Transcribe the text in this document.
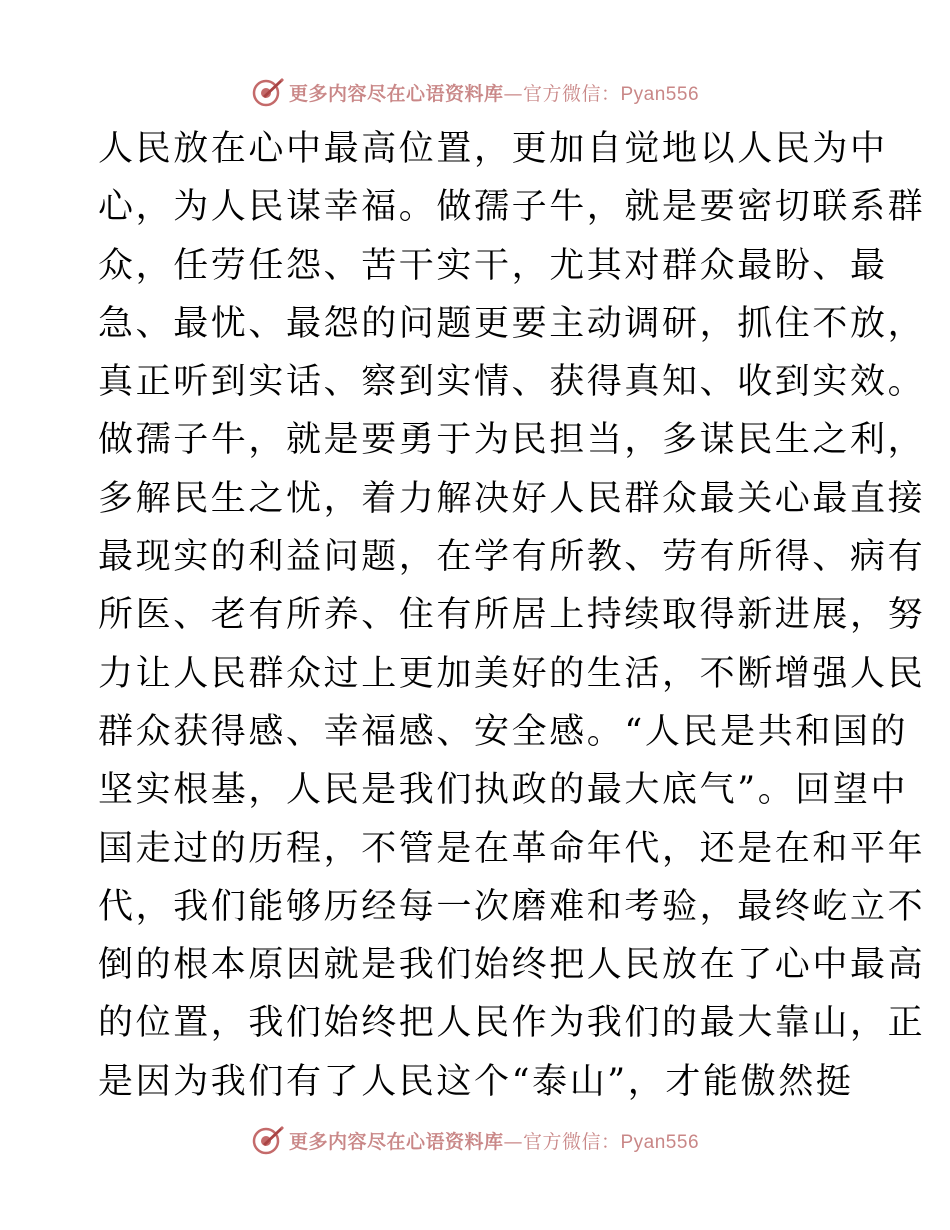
更多内容尽在心语资料库—官方微信：Pyan556
人民放在心中最高位置，更加自觉地以人民为中
心，为人民谋幸福。做孺子牛，就是要密切联系群
众，任劳任怨、苦干实干，尤其对群众最盼、最
急、最忧、最怨的问题更要主动调研，抓住不放，
真正听到实话、察到实情、获得真知、收到实效。
做孺子牛，就是要勇于为民担当，多谋民生之利，
多解民生之忧，着力解决好人民群众最关心最直接
最现实的利益问题，在学有所教、劳有所得、病有
所医、老有所养、住有所居上持续取得新进展，努
力让人民群众过上更加美好的生活，不断增强人民
群众获得感、幸福感、安全感。“人民是共和国的
坚实根基，人民是我们执政的最大底气”。回望中
国走过的历程，不管是在革命年代，还是在和平年
代，我们能够历经每一次磨难和考验，最终屹立不
倒的根本原因就是我们始终把人民放在了心中最高
的位置，我们始终把人民作为我们的最大靠山，正
是因为我们有了人民这个“泰山”，才能傲然挺
更多内容尽在心语资料库—官方微信：Pyan556
